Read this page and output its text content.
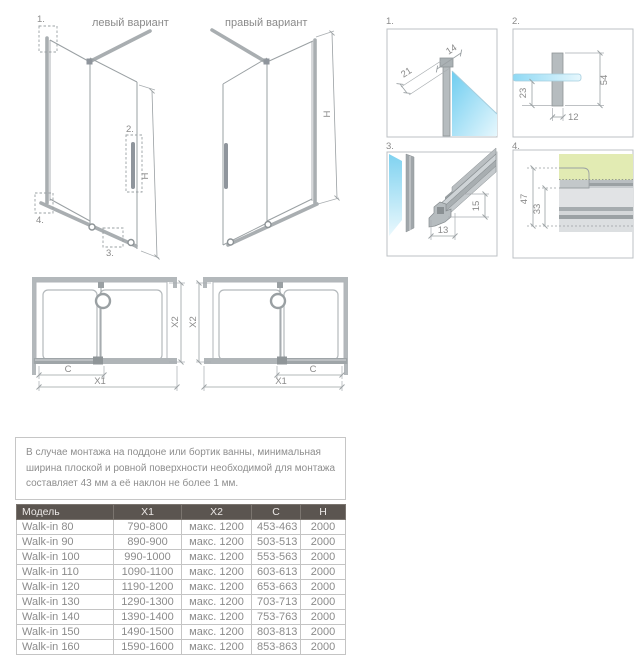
левый вариант
1.
2.
3.
4.
H
правый вариант
H
1.
14
21
2.
54
23
12
3.
13
15
4.
47
33
C
X1
X2
C
X1
X2
В случае монтажа на поддоне или бортик ванны, минимальная ширина плоской и ровной поверхности необходимой для монтажа составляет 43 мм а её наклон не более 1 мм.
Модель	X1	X2	C	H
Walk-in 80	790-800	макс. 1200	453-463	2000
Walk-in 90	890-900	макс. 1200	503-513	2000
Walk-in 100	990-1000	макс. 1200	553-563	2000
Walk-in 110	1090-1100	макс. 1200	603-613	2000
Walk-in 120	1190-1200	макс. 1200	653-663	2000
Walk-in 130	1290-1300	макс. 1200	703-713	2000
Walk-in 140	1390-1400	макс. 1200	753-763	2000
Walk-in 150	1490-1500	макс. 1200	803-813	2000
Walk-in 160	1590-1600	макс. 1200	853-863	2000
